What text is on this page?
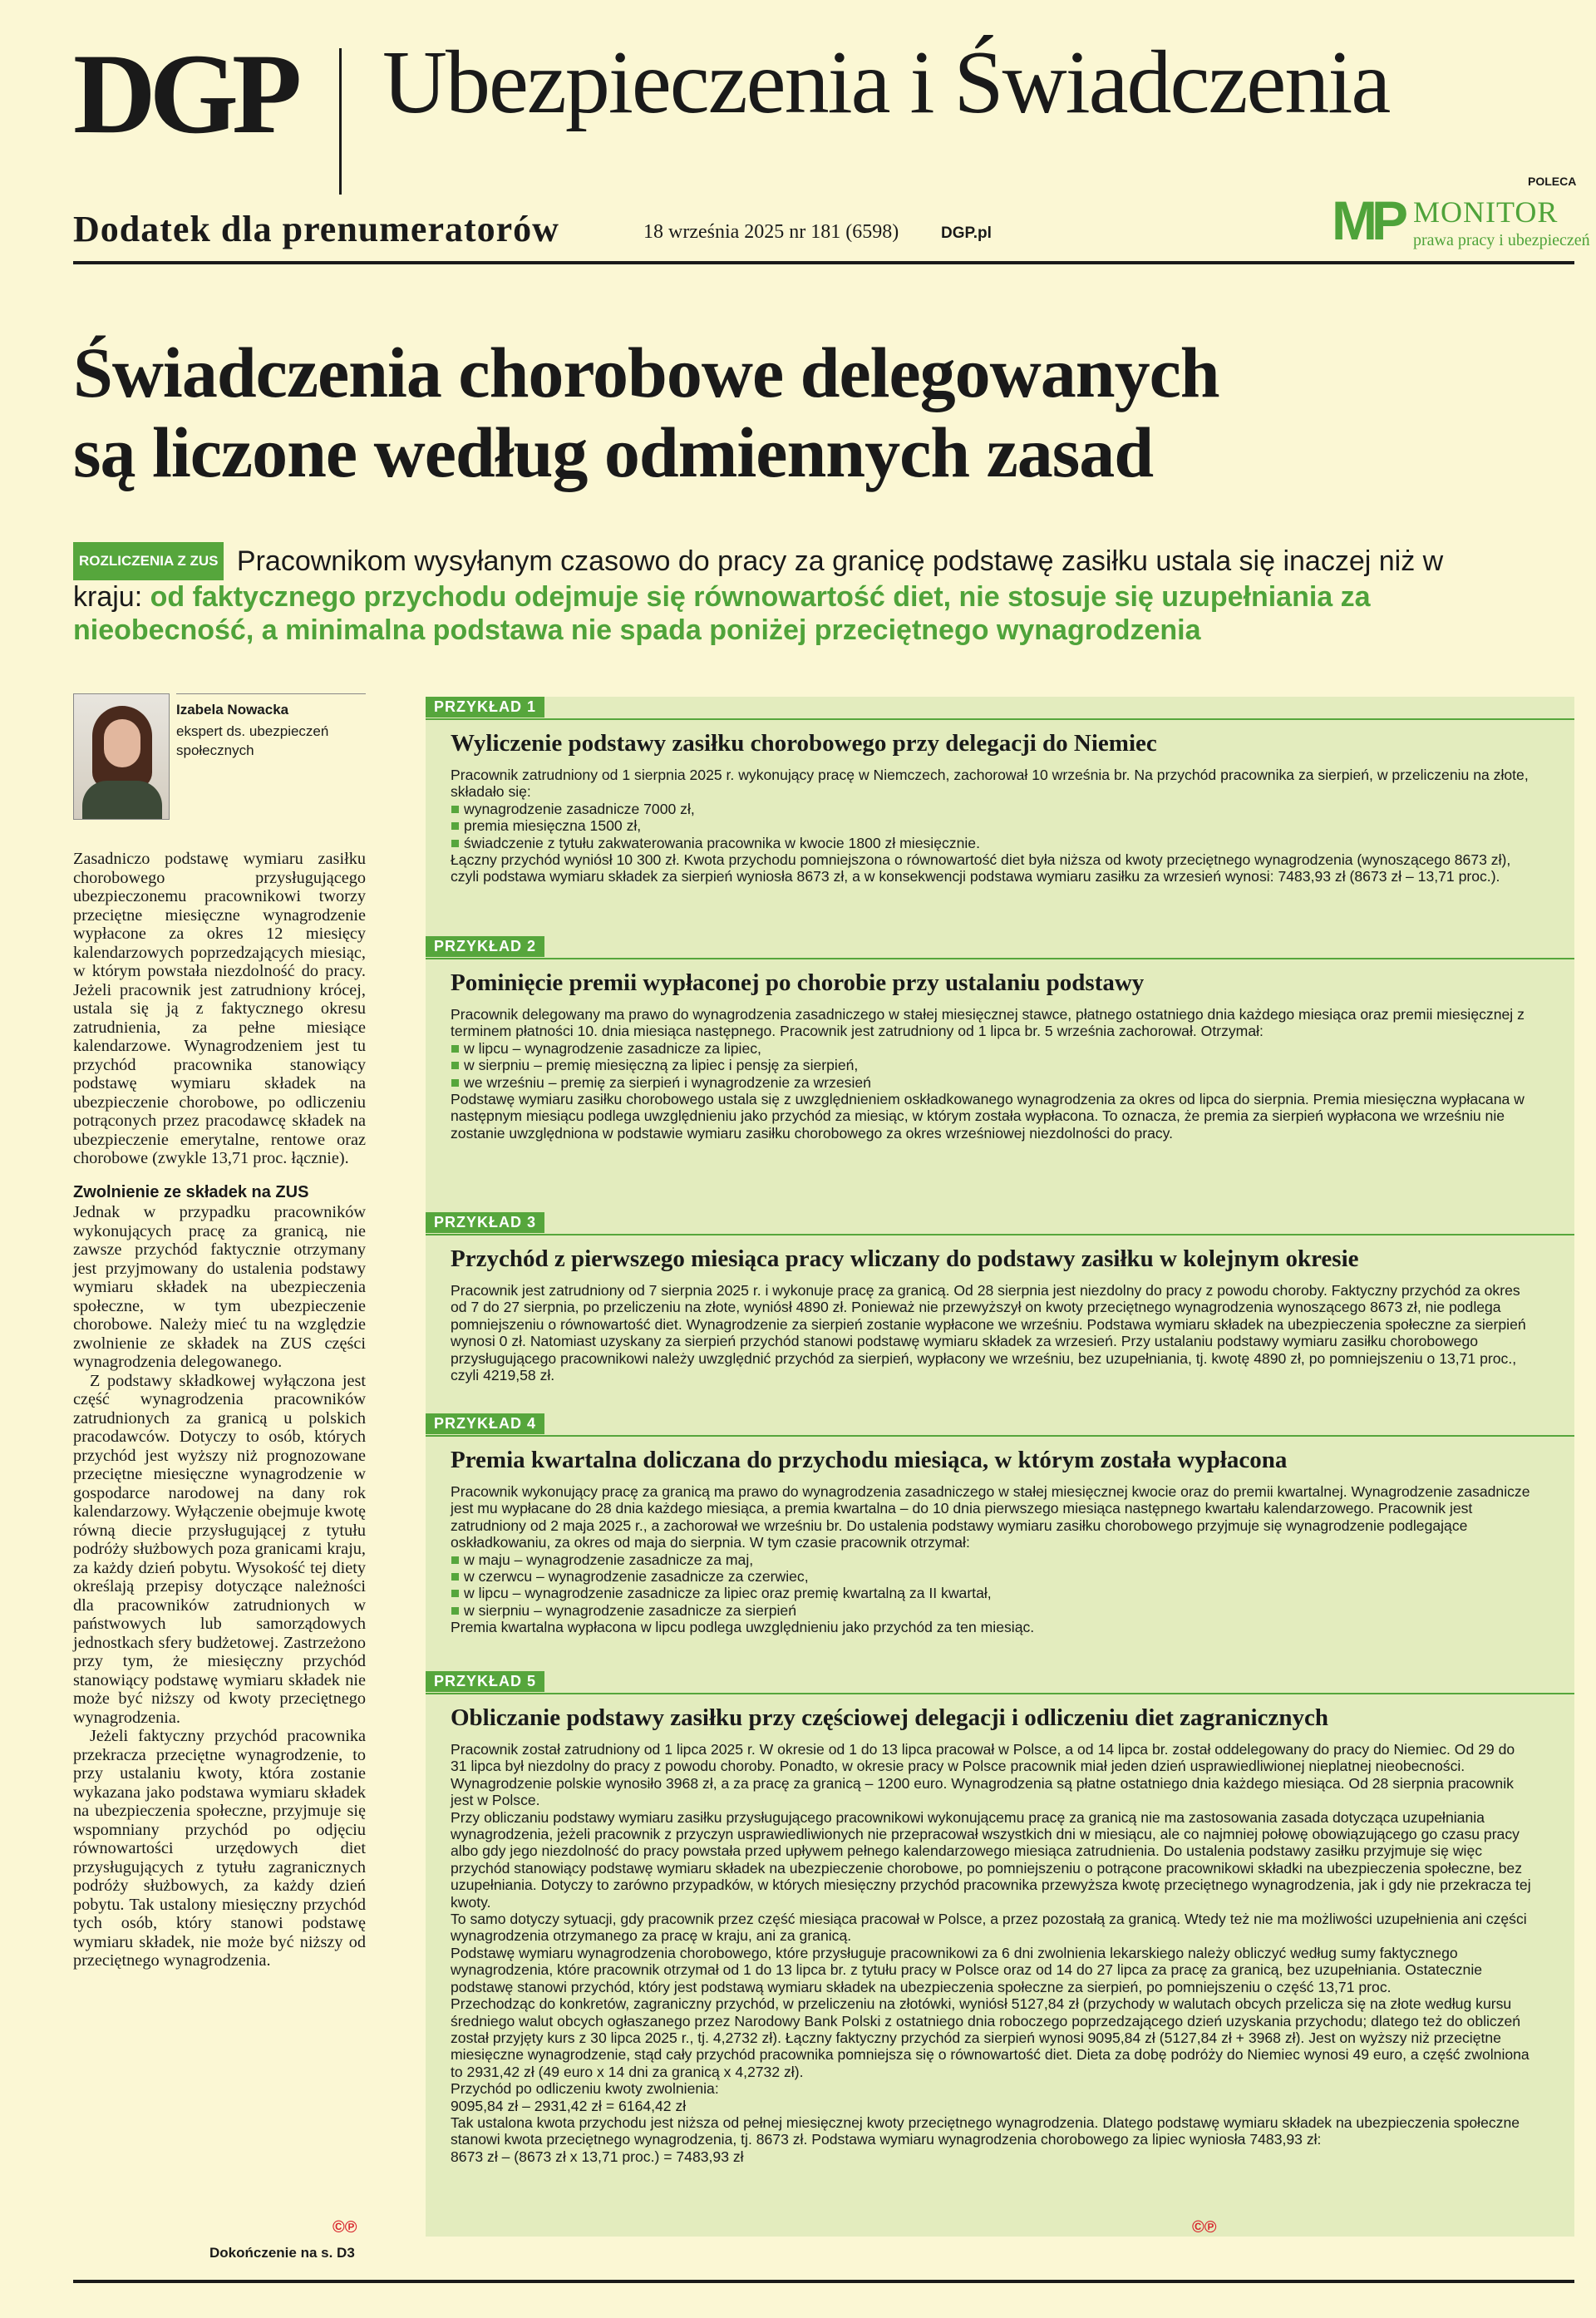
DGP Ubezpieczenia i Świadczenia
Dodatek dla prenumeratorów	18 września 2025 nr 181 (6598)	DGP.pl
POLECA
MP MONITOR
prawa pracy i ubezpieczeń
Świadczenia chorobowe delegowanych
są liczone według odmiennych zasad
ROZLICZENIA Z ZUS Pracownikom wysyłanym czasowo do pracy za granicę podstawę zasiłku ustala się inaczej niż w kraju: od faktycznego przychodu odejmuje się równowartość diet, nie stosuje się uzupełniania za nieobecność, a minimalna podstawa nie spada poniżej przeciętnego wynagrodzenia
Izabela Nowacka
ekspert ds. ubezpieczeń społecznych

Zasadniczo podstawę wymiaru zasiłku chorobowego przysługującego ubezpieczonemu pracownikowi tworzy przeciętne miesięczne wynagrodzenie wypłacone za okres 12 miesięcy kalendarzowych poprzedzających miesiąc, w którym powstała niezdolność do pracy. Jeżeli pracownik jest zatrudniony krócej, ustala się ją z faktycznego okresu zatrudnienia, za pełne miesiące kalendarzowe. Wynagrodzeniem jest tu przychód pracownika stanowiący podstawę wymiaru składek na ubezpieczenie chorobowe, po odliczeniu potrąconych przez pracodawcę składek na ubezpieczenie emerytalne, rentowe oraz chorobowe (zwykle 13,71 proc. łącznie).

Zwolnienie ze składek na ZUS

Jednak w przypadku pracowników wykonujących pracę za granicą, nie zawsze przychód faktycznie otrzymany jest przyjmowany do ustalenia podstawy wymiaru składek na ubezpieczenia społeczne, w tym ubezpieczenie chorobowe. Należy mieć tu na względzie zwolnienie ze składek na ZUS części wynagrodzenia delegowanego.

Z podstawy składkowej wyłączona jest część wynagrodzenia pracowników zatrudnionych za granicą u polskich pracodawców. Dotyczy to osób, których przychód jest wyższy niż prognozowane przeciętne miesięczne wynagrodzenie w gospodarce narodowej na dany rok kalendarzowy. Wyłączenie obejmuje kwotę równą diecie przysługującej z tytułu podróży służbowych poza granicami kraju, za każdy dzień pobytu. Wysokość tej diety określają przepisy dotyczące należności dla pracowników zatrudnionych w państwowych lub samorządowych jednostkach sfery budżetowej. Zastrzeżono przy tym, że miesięczny przychód stanowiący podstawę wymiaru składek nie może być niższy od kwoty przeciętnego wynagrodzenia.

Jeżeli faktyczny przychód pracownika przekracza przeciętne wynagrodzenie, to przy ustalaniu kwoty, która zostanie wykazana jako podstawa wymiaru składek na ubezpieczenia społeczne, przyjmuje się wspomniany przychód po odjęciu równowartości urzędowych diet przysługujących z tytułu zagranicznych podróży służbowych, za każdy dzień pobytu. Tak ustalony miesięczny przychód tych osób, który stanowi podstawę wymiaru składek, nie może być niższy od przeciętnego wynagrodzenia.

©℗
Dokończenie na s. D3
PRZYKŁAD 1
Wyliczenie podstawy zasiłku chorobowego przy delegacji do Niemiec

Pracownik zatrudniony od 1 sierpnia 2025 r. wykonujący pracę w Niemczech, zachorował 10 września br. Na przychód pracownika za sierpień, w przeliczeniu na złote, składało się:

wynagrodzenie zasadnicze 7000 zł,
premia miesięczna 1500 zł,
świadczenie z tytułu zakwaterowania pracownika w kwocie 1800 zł miesięcznie.

Łączny przychód wyniósł 10 300 zł. Kwota przychodu pomniejszona o równowartość diet była niższa od kwoty przeciętnego wynagrodzenia (wynoszącego 8673 zł), czyli podstawa wymiaru składek za sierpień wyniosła 8673 zł, a w konsekwencji podstawa wymiaru zasiłku za wrzesień wynosi: 7483,93 zł (8673 zł – 13,71 proc.).

PRZYKŁAD 2
Pominięcie premii wypłaconej po chorobie przy ustalaniu podstawy

Pracownik delegowany ma prawo do wynagrodzenia zasadniczego w stałej miesięcznej stawce, płatnego ostatniego dnia każdego miesiąca oraz premii miesięcznej z terminem płatności 10. dnia miesiąca następnego. Pracownik jest zatrudniony od 1 lipca br. 5 września zachorował. Otrzymał:

w lipcu – wynagrodzenie zasadnicze za lipiec,
w sierpniu – premię miesięczną za lipiec i pensję za sierpień,
we wrześniu – premię za sierpień i wynagrodzenie za wrzesień

Podstawę wymiaru zasiłku chorobowego ustala się z uwzględnieniem oskładkowanego wynagrodzenia za okres od lipca do sierpnia. Premia miesięczna wypłacana w następnym miesiącu podlega uwzględnieniu jako przychód za miesiąc, w którym została wypłacona. To oznacza, że premia za sierpień wypłacona we wrześniu nie zostanie uwzględniona w podstawie wymiaru zasiłku chorobowego za okres wrześniowej niezdolności do pracy.

PRZYKŁAD 3
Przychód z pierwszego miesiąca pracy wliczany do podstawy zasiłku w kolejnym okresie

Pracownik jest zatrudniony od 7 sierpnia 2025 r. i wykonuje pracę za granicą. Od 28 sierpnia jest niezdolny do pracy z powodu choroby. Faktyczny przychód za okres od 7 do 27 sierpnia, po przeliczeniu na złote, wyniósł 4890 zł. Ponieważ nie przewyższył on kwoty przeciętnego wynagrodzenia wynoszącego 8673 zł, nie podlega pomniejszeniu o równowartość diet. Wynagrodzenie za sierpień zostanie wypłacone we wrześniu. Podstawa wymiaru składek na ubezpieczenia społeczne za sierpień wynosi 0 zł. Natomiast uzyskany za sierpień przychód stanowi podstawę wymiaru składek za wrzesień. Przy ustalaniu podstawy wymiaru zasiłku chorobowego przysługującego pracownikowi należy uwzględnić przychód za sierpień, wypłacony we wrześniu, bez uzupełniania, tj. kwotę 4890 zł, po pomniejszeniu o 13,71 proc., czyli 4219,58 zł.

PRZYKŁAD 4
Premia kwartalna doliczana do przychodu miesiąca, w którym została wypłacona

Pracownik wykonujący pracę za granicą ma prawo do wynagrodzenia zasadniczego w stałej miesięcznej kwocie oraz do premii kwartalnej. Wynagrodzenie zasadnicze jest mu wypłacane do 28 dnia każdego miesiąca, a premia kwartalna – do 10 dnia pierwszego miesiąca następnego kwartału kalendarzowego. Pracownik jest zatrudniony od 2 maja 2025 r., a zachorował we wrześniu br. Do ustalenia podstawy wymiaru zasiłku chorobowego przyjmuje się wynagrodzenie podlegające oskładkowaniu, za okres od maja do sierpnia. W tym czasie pracownik otrzymał:

w maju – wynagrodzenie zasadnicze za maj,
w czerwcu – wynagrodzenie zasadnicze za czerwiec,
w lipcu – wynagrodzenie zasadnicze za lipiec oraz premię kwartalną za II kwartał,
w sierpniu – wynagrodzenie zasadnicze za sierpień

Premia kwartalna wypłacona w lipcu podlega uwzględnieniu jako przychód za ten miesiąc.

PRZYKŁAD 5
Obliczanie podstawy zasiłku przy częściowej delegacji i odliczeniu diet zagranicznych

Pracownik został zatrudniony od 1 lipca 2025 r. W okresie od 1 do 13 lipca pracował w Polsce, a od 14 lipca br. został oddelegowany do pracy do Niemiec. Od 29 do 31 lipca był niezdolny do pracy z powodu choroby. Ponadto, w okresie pracy w Polsce pracownik miał jeden dzień usprawiedliwionej nieplatnej nieobecności. Wynagrodzenie polskie wynosiło 3968 zł, a za pracę za granicą – 1200 euro. Wynagrodzenia są płatne ostatniego dnia każdego miesiąca. Od 28 sierpnia pracownik jest w Polsce.

Przy obliczaniu podstawy wymiaru zasiłku przysługującego pracownikowi wykonującemu pracę za granicą nie ma zastosowania zasada dotycząca uzupełniania wynagrodzenia, jeżeli pracownik z przyczyn usprawiedliwionych nie przepracował wszystkich dni w miesiącu, ale co najmniej połowę obowiązującego go czasu pracy albo gdy jego niezdolność do pracy powstała przed upływem pełnego kalendarzowego miesiąca zatrudnienia. Do ustalenia podstawy zasiłku przyjmuje się więc przychód stanowiący podstawę wymiaru składek na ubezpieczenie chorobowe, po pomniejszeniu o potrącone pracownikowi składki na ubezpieczenia społeczne, bez uzupełniania. Dotyczy to zarówno przypadków, w których miesięczny przychód pracownika przewyższa kwotę przeciętnego wynagrodzenia, jak i gdy nie przekracza tej kwoty.

To samo dotyczy sytuacji, gdy pracownik przez część miesiąca pracował w Polsce, a przez pozostałą za granicą. Wtedy też nie ma możliwości uzupełnienia ani części wynagrodzenia otrzymanego za pracę w kraju, ani za granicą.

Podstawę wymiaru wynagrodzenia chorobowego, które przysługuje pracownikowi za 6 dni zwolnienia lekarskiego należy obliczyć według sumy faktycznego wynagrodzenia, które pracownik otrzymał od 1 do 13 lipca br. z tytułu pracy w Polsce oraz od 14 do 27 lipca za pracę za granicą, bez uzupełniania. Ostatecznie podstawę stanowi przychód, który jest podstawą wymiaru składek na ubezpieczenia społeczne za sierpień, po pomniejszeniu o część 13,71 proc.

Przechodząc do konkretów, zagraniczny przychód, w przeliczeniu na złotówki, wyniósł 5127,84 zł (przychody w walutach obcych przelicza się na złote według kursu średniego walut obcych ogłaszanego przez Narodowy Bank Polski z ostatniego dnia roboczego poprzedzającego dzień uzyskania przychodu; dlatego też do obliczeń został przyjęty kurs z 30 lipca 2025 r., tj. 4,2732 zł). Łączny faktyczny przychód za sierpień wynosi 9095,84 zł (5127,84 zł + 3968 zł). Jest on wyższy niż przeciętne miesięczne wynagrodzenie, stąd cały przychód pracownika pomniejsza się o równowartość diet. Dieta za dobę podróży do Niemiec wynosi 49 euro, a część zwolniona to 2931,42 zł (49 euro x 14 dni za granicą x 4,2732 zł).

Przychód po odliczeniu kwoty zwolnienia:

9095,84 zł – 2931,42 zł = 6164,42 zł

Tak ustalona kwota przychodu jest niższa od pełnej miesięcznej kwoty przeciętnego wynagrodzenia. Dlatego podstawę wymiaru składek na ubezpieczenia społeczne stanowi kwota przeciętnego wynagrodzenia, tj. 8673 zł. Podstawa wymiaru wynagrodzenia chorobowego za lipiec wyniosła 7483,93 zł:

8673 zł – (8673 zł x 13,71 proc.) = 7483,93 zł

©℗
